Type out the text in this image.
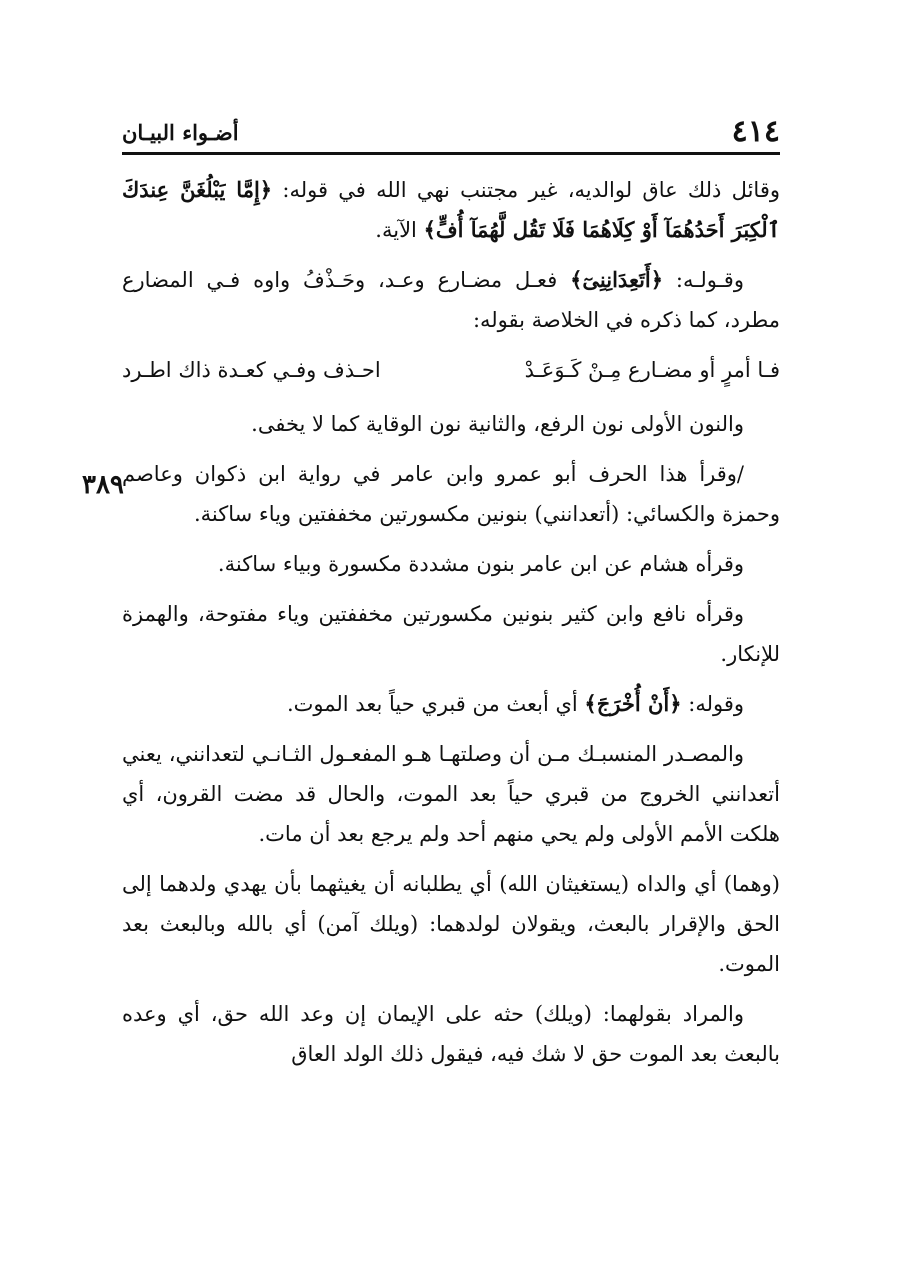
٤١٤
أضـواء البيـان
٣٨٩

وقائل ذلك عاق لوالديه، غير مجتنب نهي الله في قوله: ﴿إِمَّا يَبْلُغَنَّ عِندَكَ ٱلْكِبَرَ أَحَدُهُمَآ أَوْ كِلَاهُمَا فَلَا تَقُل لَّهُمَآ أُفٍّ﴾ الآية.

وقـولـه: ﴿أَتَعِدَانِنِىٓ﴾ فعـل مضـارع وعـد، وحَـذْفُ واوه فـي المضارع مطرد، كما ذكره في الخلاصة بقوله:

فـا أمرٍ أو مضـارع مِـنْ كَـوَعَـدْ
احـذف وفـي كعـدة ذاك اطـرد

والنون الأولى نون الرفع، والثانية نون الوقاية كما لا يخفى.

/وقرأ هذا الحرف أبو عمرو وابن عامر في رواية ابن ذكوان وعاصم وحمزة والكسائي: (أتعدانني) بنونين مكسورتين مخففتين وياء ساكنة.

وقرأه هشام عن ابن عامر بنون مشددة مكسورة وبياء ساكنة.

وقرأه نافع وابن كثير بنونين مكسورتين مخففتين وياء مفتوحة، والهمزة للإنكار.

وقوله: ﴿أَنْ أُخْرَجَ﴾ أي أبعث من قبري حياً بعد الموت.

والمصـدر المنسبـك مـن أن وصلتهـا هـو المفعـول الثـانـي لتعدانني، يعني أتعدانني الخروج من قبري حياً بعد الموت، والحال قد مضت القرون، أي هلكت الأمم الأولى ولم يحي منهم أحد ولم يرجع بعد أن مات.

(وهما) أي والداه (يستغيثان الله) أي يطلبانه أن يغيثهما بأن يهدي ولدهما إلى الحق والإقرار بالبعث، ويقولان لولدهما: (ويلك آمن) أي بالله وبالبعث بعد الموت.

والمراد بقولهما: (ويلك) حثه على الإيمان إن وعد الله حق، أي وعده بالبعث بعد الموت حق لا شك فيه، فيقول ذلك الولد العاق
